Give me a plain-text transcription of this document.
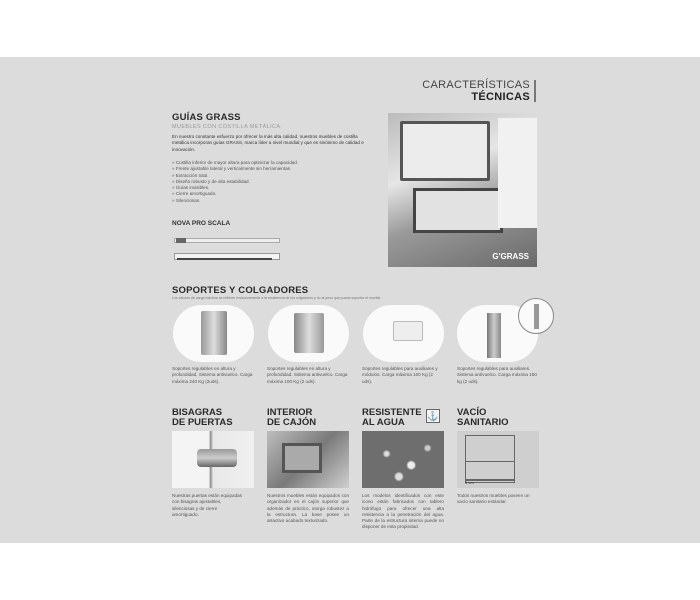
CARACTERÍSTICAS
TÉCNICAS
G'GRASS
GUÍAS GRASS
MUEBLES CON COSTILLA METÁLICA.
En nuestro constante esfuerzo por ofrecer la más alta calidad, nuestros muebles de costilla metálica incorporan guías GRASS, marca líder a nivel mundial y que es sinónimo de calidad e innovación.
» Costilla inferior de mayor altura para optimizar la capacidad.
» Frente ajustable lateral y verticalmente sin herramientas.
» Extracción total.
» Diseño robusto y de alta estabilidad.
» Guías invisibles.
» Cierre amortiguado.
» Silenciosas.
NOVA PRO SCALA
SOPORTES Y COLGADORES
Los valores de carga máxima se refieren exclusivamente a la resistencia de los colgadores y no al peso que pueda soportar el mueble.
Soportes regulables en altura y profundidad. Sistema antivuelco. Carga máxima 240 Kg (2uds).
Soportes regulables en altura y profundidad. Sistema antivuelco. Carga máxima 100 Kg (2 uds).
Soportes regulables para auxiliares y módulos. Carga máxima 100 Kg (2 uds).
Soportes regulables para auxiliares. Sistema antivuelco. Carga máxima 150 kg (2 uds).
BISAGRAS
DE PUERTAS
INTERIOR
DE CAJÓN
RESISTENTE
AL AGUA
⚓ VACÍO
SANITARIO
5 cm
Nuestras puertas están equipadas con bisagras ajustables, silenciosas y de cierre amortiguado.
Nuestros muebles están equipados con organizador en el cajón superior que además de práctico, otorga robustez a la estructura. La base posee un atractivo acabado texturizado.
Los modelos identificados con este icono están fabricados con tablero hidrófugo para ofrecer una alta resistencia a la penetración del agua. Parte de la estructura interna puede no disponer de esta propiedad.
Todos nuestros muebles poseen un vacío sanitario estándar.
